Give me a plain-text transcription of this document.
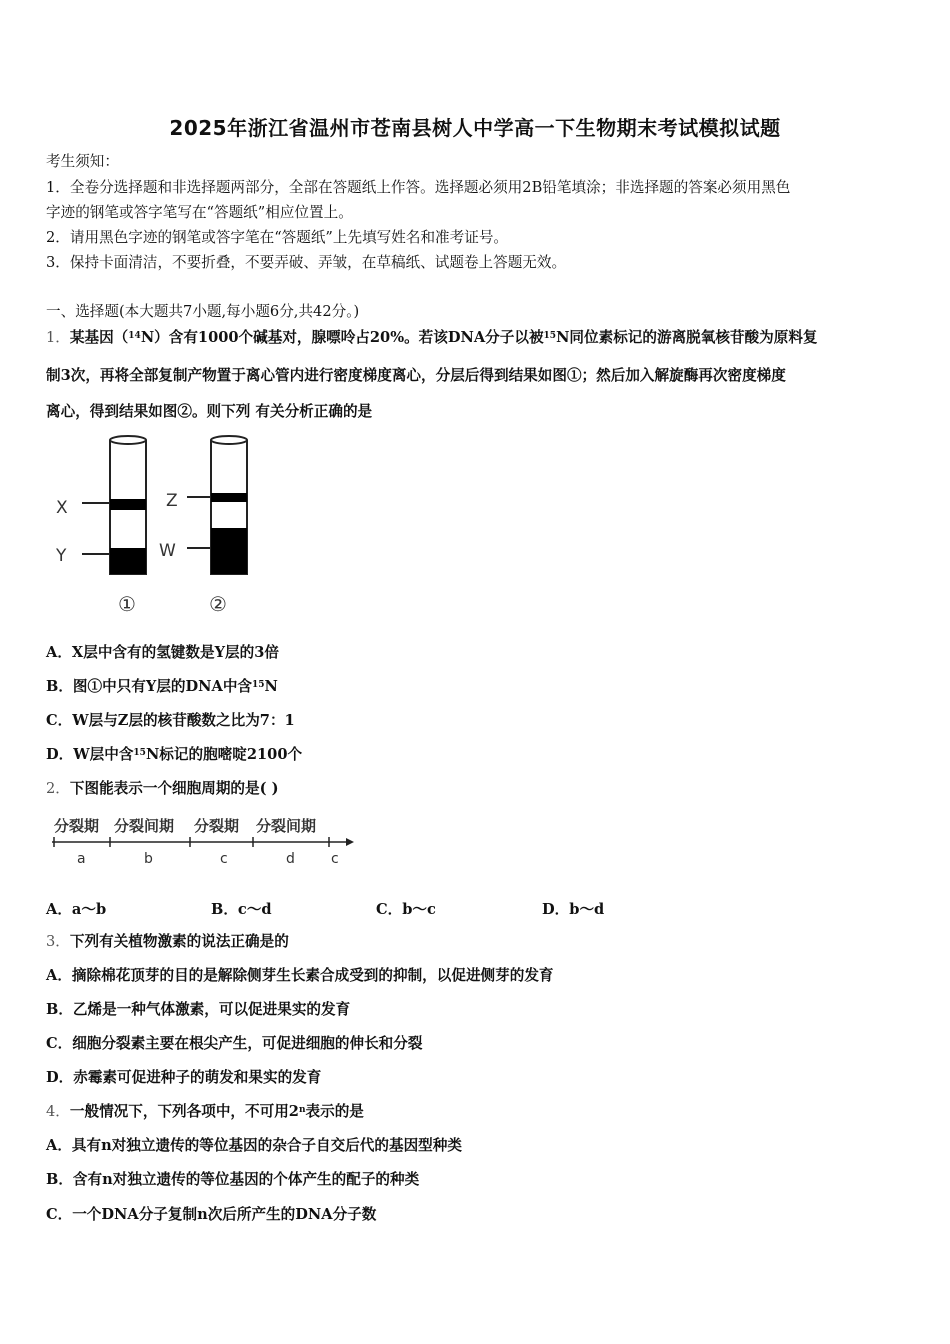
2025年浙江省温州市苍南县树人中学高一下生物期末考试模拟试题
考生须知：
1．全卷分选择题和非选择题两部分，全部在答题纸上作答。选择题必须用2B铅笔填涂；非选择题的答案必须用黑色
字迹的钢笔或答字笔写在“答题纸”相应位置上。
2．请用黑色字迹的钢笔或答字笔在“答题纸”上先填写姓名和准考证号。
3．保持卡面清洁，不要折叠，不要弄破、弄皱，在草稿纸、试题卷上答题无效。
一、选择题(本大题共7小题,每小题6分,共42分。)
1．某基因（$^{14}$N）含有1000个碱基对，腺嘌呤占20%。若该DNA分子以被$^{15}$N同位素标记的游离脱氧核苷酸为原料复
制3次，再将全部复制产物置于离心管内进行密度梯度离心，分层后得到结果如图①；然后加入解旋酶再次密度梯度
离心，得到结果如图②。则下列 有关分析正确的是
X
Y
①
Z
W
②
A．X层中含有的氢键数是Y层的3倍
B．图①中只有Y层的DNA中含$^{15}$N
C．W层与Z层的核苷酸数之比为7：1
D．W层中含$^{15}$N标记的胞嘧啶2100个
2．下图能表示一个细胞周期的是( )
分裂期 分裂间期 分裂期 分裂间期
a	b	c	d	c
A．a～b	B．c～d	C．b～c	D．b～d
3．下列有关植物激素的说法正确是的
A．摘除棉花顶芽的目的是解除侧芽生长素合成受到的抑制，以促进侧芽的发育
B．乙烯是一种气体激素，可以促进果实的发育
C．细胞分裂素主要在根尖产生，可促进细胞的伸长和分裂
D．赤霉素可促进种子的萌发和果实的发育
4．一般情况下，下列各项中，不可用2$^n$表示的是
A．具有n对独立遗传的等位基因的杂合子自交后代的基因型种类
B．含有n对独立遗传的等位基因的个体产生的配子的种类
C．一个DNA分子复制n次后所产生的DNA分子数
